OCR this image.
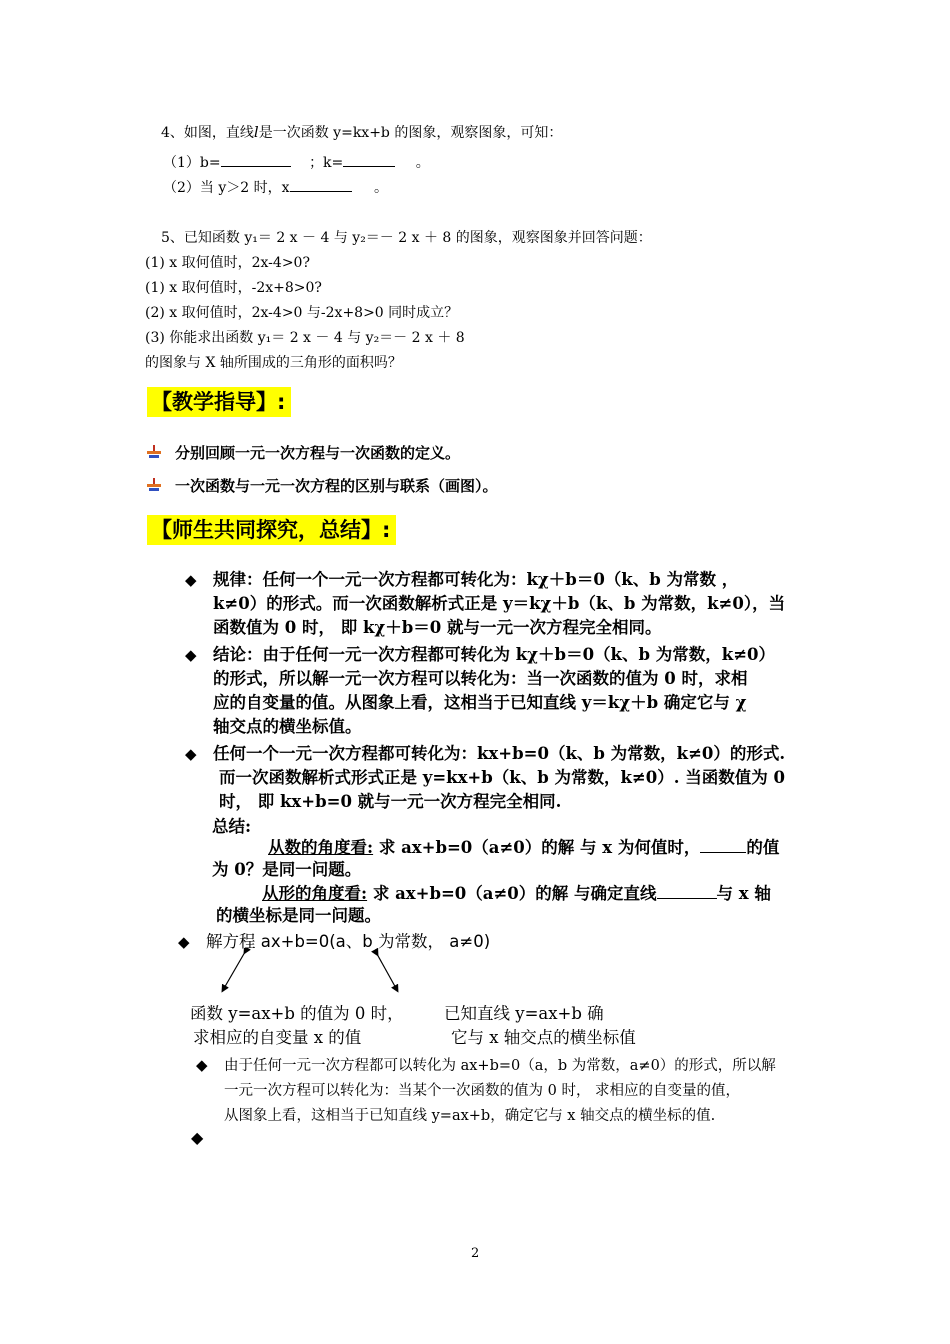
4、如图，直线l是一次函数 y=kx+b 的图象，观察图象，可知：
（1）b=	；k=	。
（2）当 y＞2 时，x	。
5、已知函数 y₁＝ 2 x － 4 与 y₂＝－ 2 x ＋ 8 的图象，观察图象并回答问题：
(1) x 取何值时，2x-4>0?
(1) x 取何值时，-2x+8>0?
(2) x 取何值时，2x-4>0 与-2x+8>0 同时成立？
(3) 你能求出函数 y₁＝ 2 x － 4 与 y₂＝－ 2 x ＋ 8
的图象与 X 轴所围成的三角形的面积吗？
【教学指导】:
分别回顾一元一次方程与一次函数的定义。
一次函数与一元一次方程的区别与联系（画图）。
【师生共同探究，总结】:
◆ 规律：任何一个一元一次方程都可转化为：kχ＋b＝0（k、b 为常数 ，
k≠0）的形式。而一次函数解析式正是 y＝kχ＋b（k、b 为常数，k≠0），当
函数值为 0 时， 即 kχ＋b＝0 就与一元一次方程完全相同。
◆ 结论：由于任何一元一次方程都可转化为 kχ＋b＝0（k、b 为常数，k≠0）
的形式，所以解一元一次方程可以转化为：当一次函数的值为 0 时，求相
应的自变量的值。从图象上看，这相当于已知直线 y＝kχ＋b 确定它与 χ
轴交点的横坐标值。
◆ 任何一个一元一次方程都可转化为：kx+b=0（k、b 为常数，k≠0）的形式.
而一次函数解析式形式正是 y=kx+b（k、b 为常数，k≠0）. 当函数值为 0
时， 即 kx+b=0 就与一元一次方程完全相同.
总结:
从数的角度看: 求 ax+b=0（a≠0）的解 与 x 为何值时，	的值
为 0？是同一问题。
从形的角度看: 求 ax+b=0（a≠0）的解 与确定直线	与 x 轴
的横坐标是同一问题。
◆ 解方程 ax+b=0(a、b 为常数， a≠0)
函数 y=ax+b 的值为 0 时，
求相应的自变量 x 的值
已知直线 y=ax+b 确
它与 x 轴交点的横坐标值
◆ 由于任何一元一次方程都可以转化为 ax+b=0（a，b 为常数，a≠0）的形式，所以解
一元一次方程可以转化为：当某个一次函数的值为 0 时， 求相应的自变量的值，
从图象上看，这相当于已知直线 y=ax+b，确定它与 x 轴交点的横坐标的值.
◆
2
